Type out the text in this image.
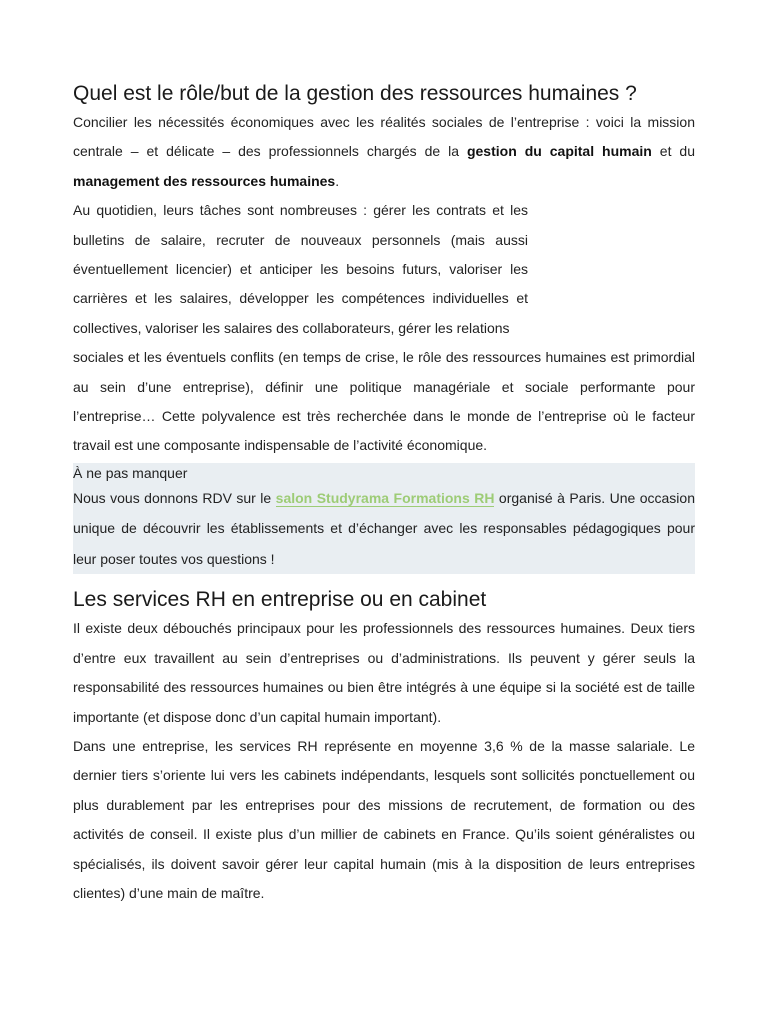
Quel est le rôle/but de la gestion des ressources humaines ?

Concilier les nécessités économiques avec les réalités sociales de l’entreprise : voici la mission centrale – et délicate – des professionnels chargés de la gestion du capital humain et du management des ressources humaines.

Au quotidien, leurs tâches sont nombreuses : gérer les contrats et les bulletins de salaire, recruter de nouveaux personnels (mais aussi éventuellement licencier) et anticiper les besoins futurs, valoriser les carrières et les salaires, développer les compétences individuelles et collectives, valoriser les salaires des collaborateurs, gérer les relations

sociales et les éventuels conflits (en temps de crise, le rôle des ressources humaines est primordial au sein d’une entreprise), définir une politique managériale et sociale performante pour l’entreprise… Cette polyvalence est très recherchée dans le monde de l’entreprise où le facteur travail est une composante indispensable de l’activité économique.

À ne pas manquer

Nous vous donnons RDV sur le salon Studyrama Formations RH organisé à Paris. Une occasion unique de découvrir les établissements et d’échanger avec les responsables pédagogiques pour leur poser toutes vos questions !

Les services RH en entreprise ou en cabinet

Il existe deux débouchés principaux pour les professionnels des ressources humaines. Deux tiers d’entre eux travaillent au sein d’entreprises ou d’administrations. Ils peuvent y gérer seuls la responsabilité des ressources humaines ou bien être intégrés à une équipe si la société est de taille importante (et dispose donc d’un capital humain important).

Dans une entreprise, les services RH représente en moyenne 3,6 % de la masse salariale. Le dernier tiers s’oriente lui vers les cabinets indépendants, lesquels sont sollicités ponctuellement ou plus durablement par les entreprises pour des missions de recrutement, de formation ou des activités de conseil. Il existe plus d’un millier de cabinets en France. Qu’ils soient généralistes ou spécialisés, ils doivent savoir gérer leur capital humain (mis à la disposition de leurs entreprises clientes) d’une main de maître.
